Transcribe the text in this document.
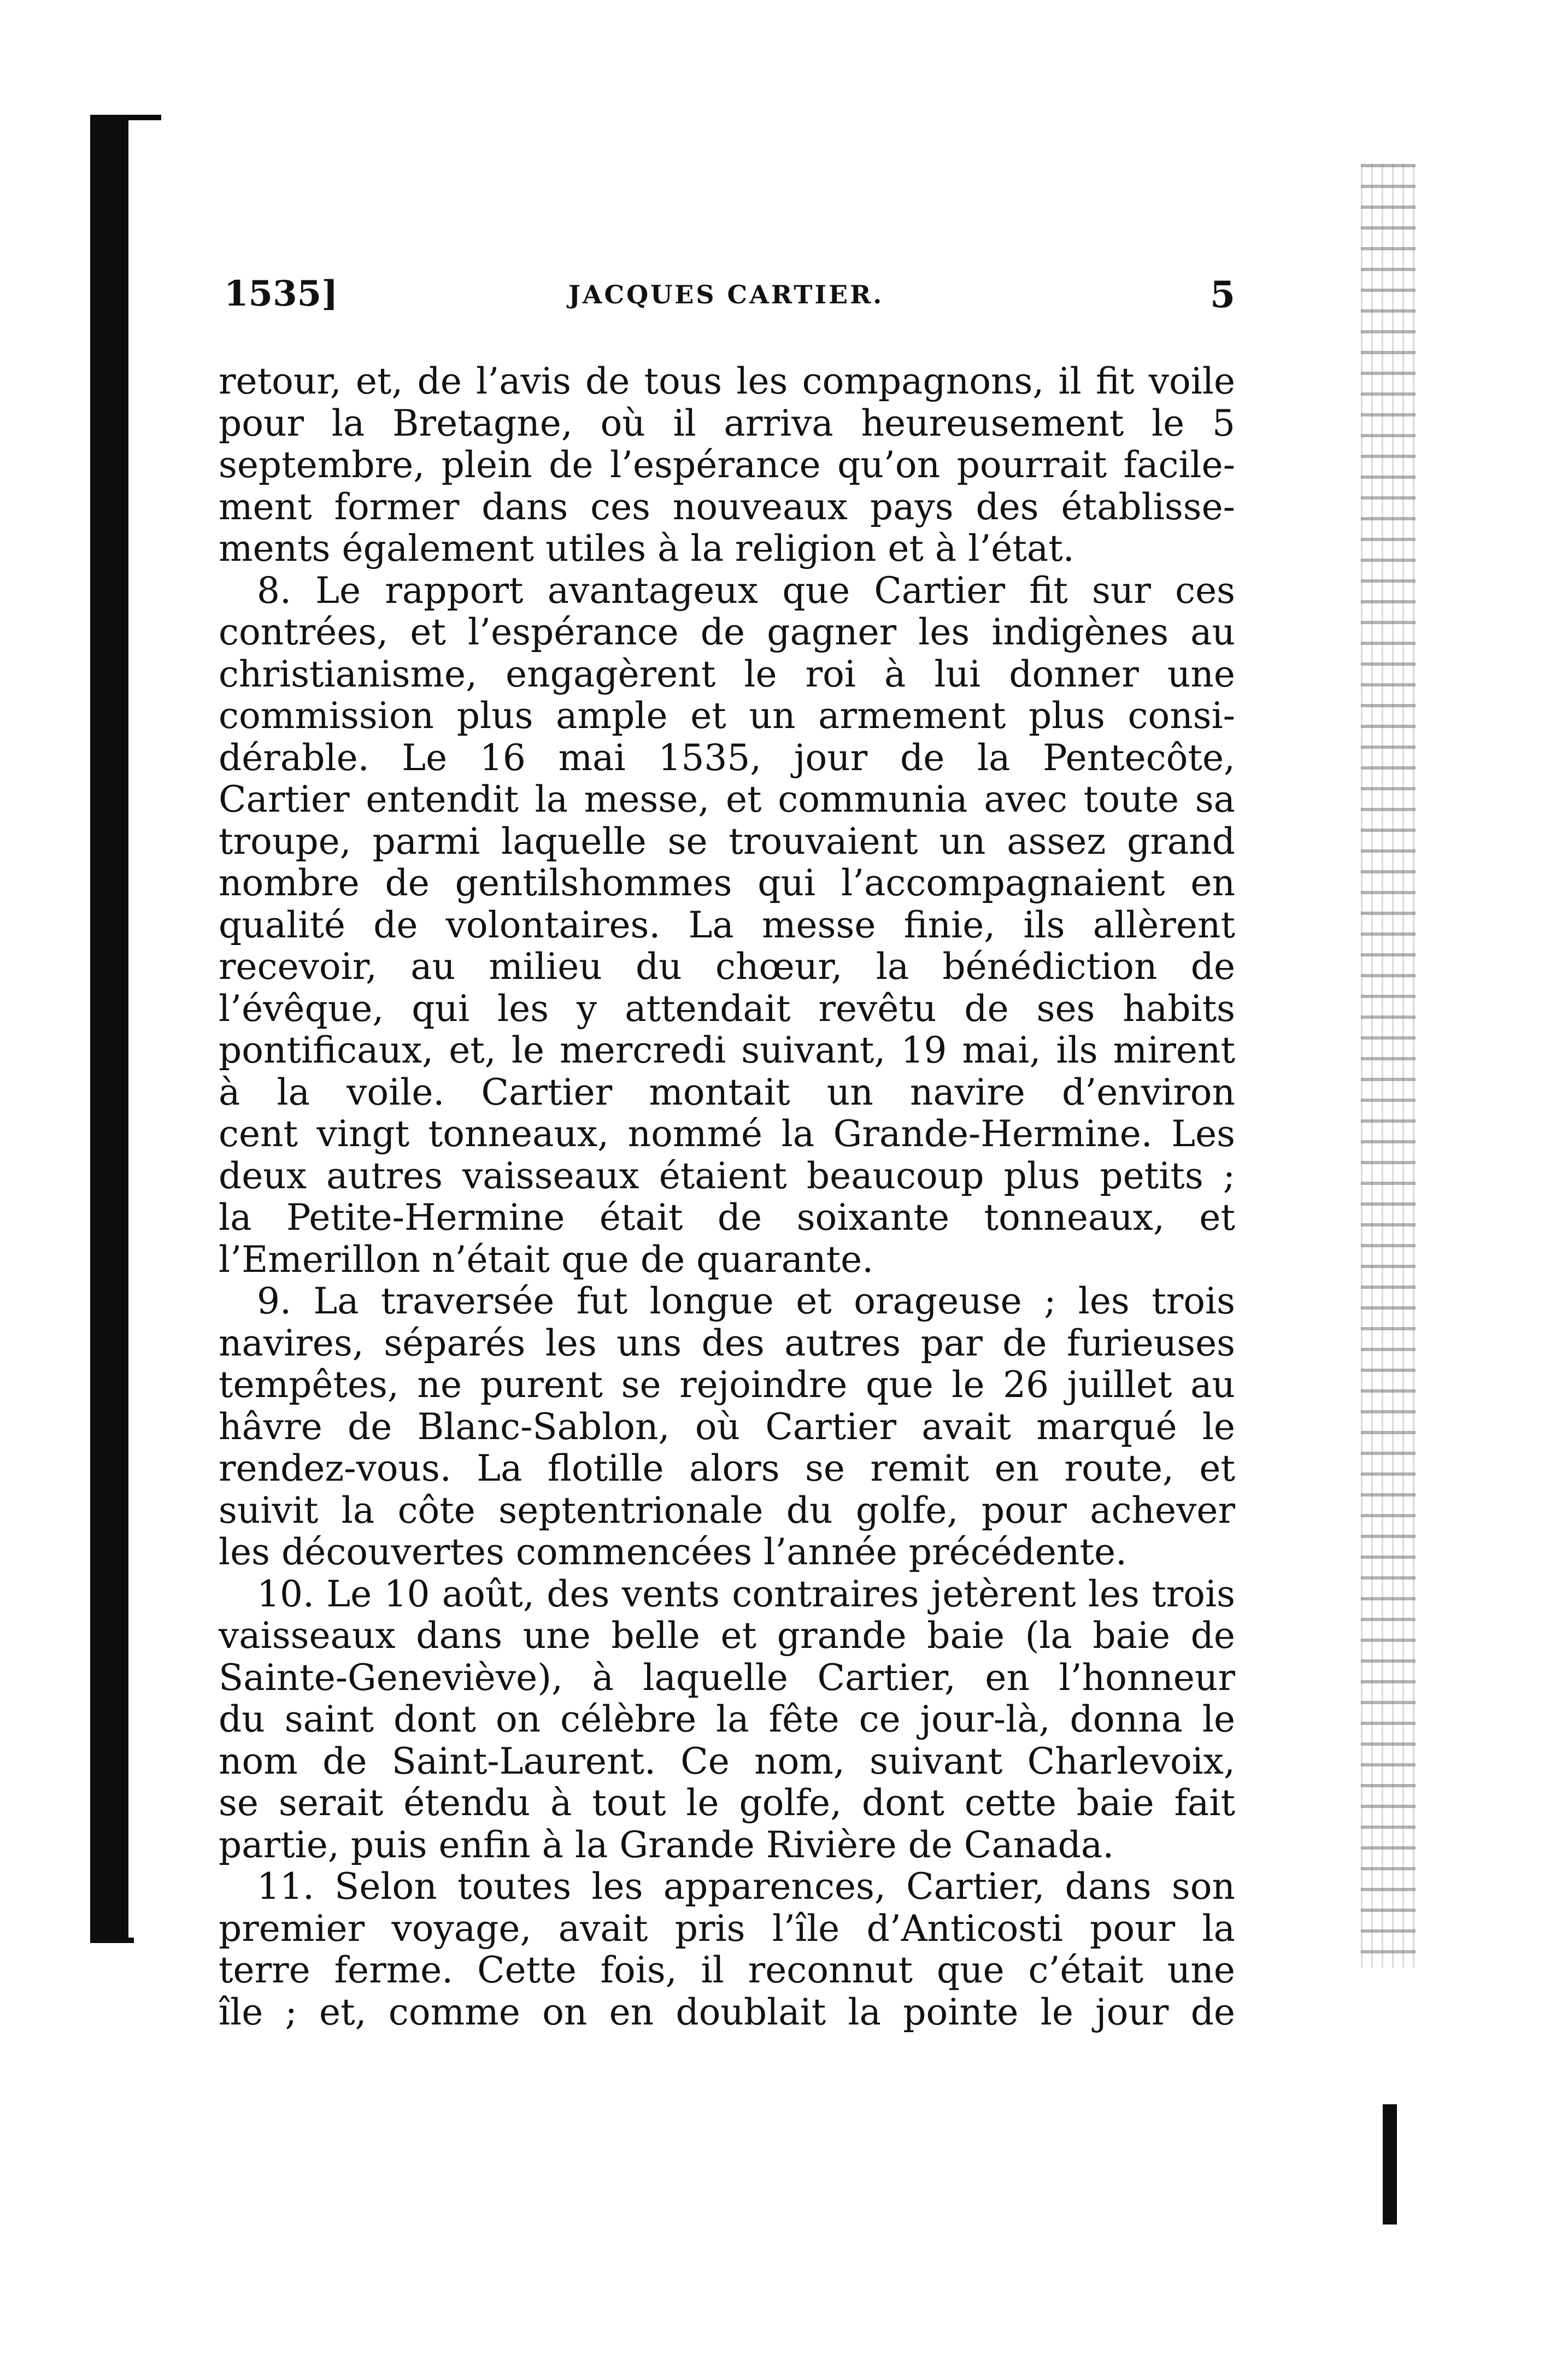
1535]	JACQUES CARTIER.	5
retour, et, de l’avis de tous les compagnons, il fit voile
pour la Bretagne, où il arriva heureusement le 5
septembre, plein de l’espérance qu’on pourrait facile-
ment former dans ces nouveaux pays des établisse-
ments également utiles à la religion et à l’état.
8. Le rapport avantageux que Cartier fit sur ces
contrées, et l’espérance de gagner les indigènes au
christianisme, engagèrent le roi à lui donner une
commission plus ample et un armement plus consi-
dérable. Le 16 mai 1535, jour de la Pentecôte,
Cartier entendit la messe, et communia avec toute sa
troupe, parmi laquelle se trouvaient un assez grand
nombre de gentilshommes qui l’accompagnaient en
qualité de volontaires. La messe finie, ils allèrent
recevoir, au milieu du chœur, la bénédiction de
l’évêque, qui les y attendait revêtu de ses habits
pontificaux, et, le mercredi suivant, 19 mai, ils mirent
à la voile. Cartier montait un navire d’environ
cent vingt tonneaux, nommé la Grande-Hermine. Les
deux autres vaisseaux étaient beaucoup plus petits ;
la Petite-Hermine était de soixante tonneaux, et
l’Emerillon n’était que de quarante.
9. La traversée fut longue et orageuse ; les trois
navires, séparés les uns des autres par de furieuses
tempêtes, ne purent se rejoindre que le 26 juillet au
hâvre de Blanc-Sablon, où Cartier avait marqué le
rendez-vous. La flotille alors se remit en route, et
suivit la côte septentrionale du golfe, pour achever
les découvertes commencées l’année précédente.
10. Le 10 août, des vents contraires jetèrent les trois
vaisseaux dans une belle et grande baie (la baie de
Sainte-Geneviève), à laquelle Cartier, en l’honneur
du saint dont on célèbre la fête ce jour-là, donna le
nom de Saint-Laurent. Ce nom, suivant Charlevoix,
se serait étendu à tout le golfe, dont cette baie fait
partie, puis enfin à la Grande Rivière de Canada.
11. Selon toutes les apparences, Cartier, dans son
premier voyage, avait pris l’île d’Anticosti pour la
terre ferme. Cette fois, il reconnut que c’était une
île ; et, comme on en doublait la pointe le jour de
